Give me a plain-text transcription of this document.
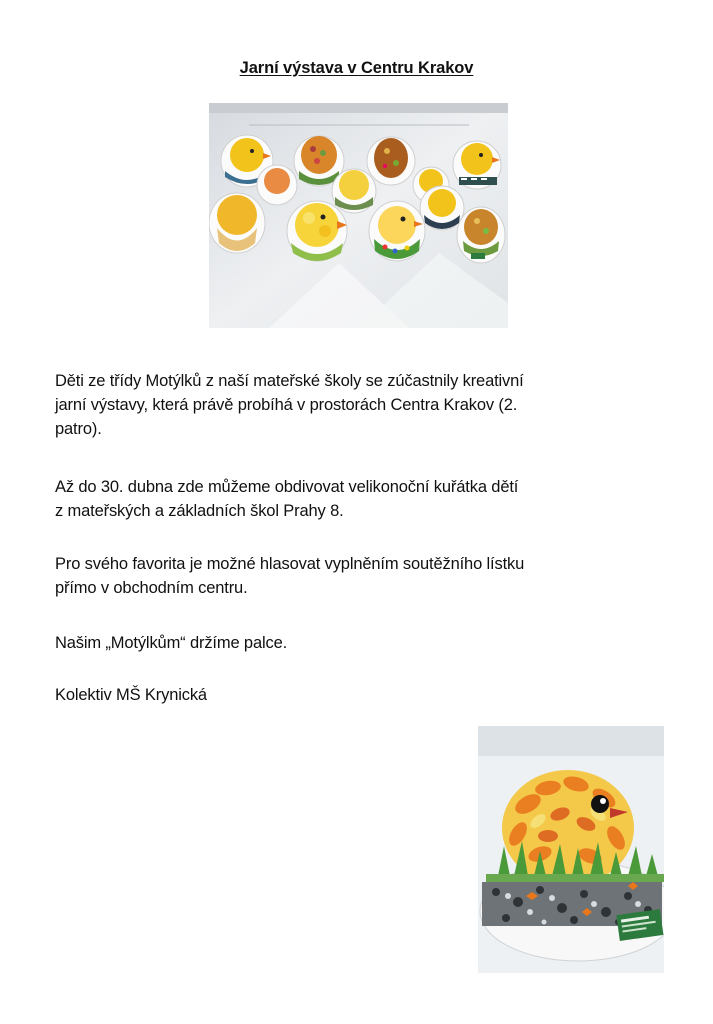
Jarní výstava v Centru Krakov
Děti ze třídy Motýlků z naší mateřské školy se zúčastnily kreativní
jarní výstavy, která právě probíhá v prostorách Centra Krakov (2.
patro).
Až do 30. dubna zde můžeme obdivovat velikonoční kuřátka dětí
z mateřských a základních škol Prahy 8.
Pro svého favorita je možné hlasovat vyplněním soutěžního lístku
přímo v obchodním centru.
Našim „Motýlkům“ držíme palce.
Kolektiv MŠ Krynická
